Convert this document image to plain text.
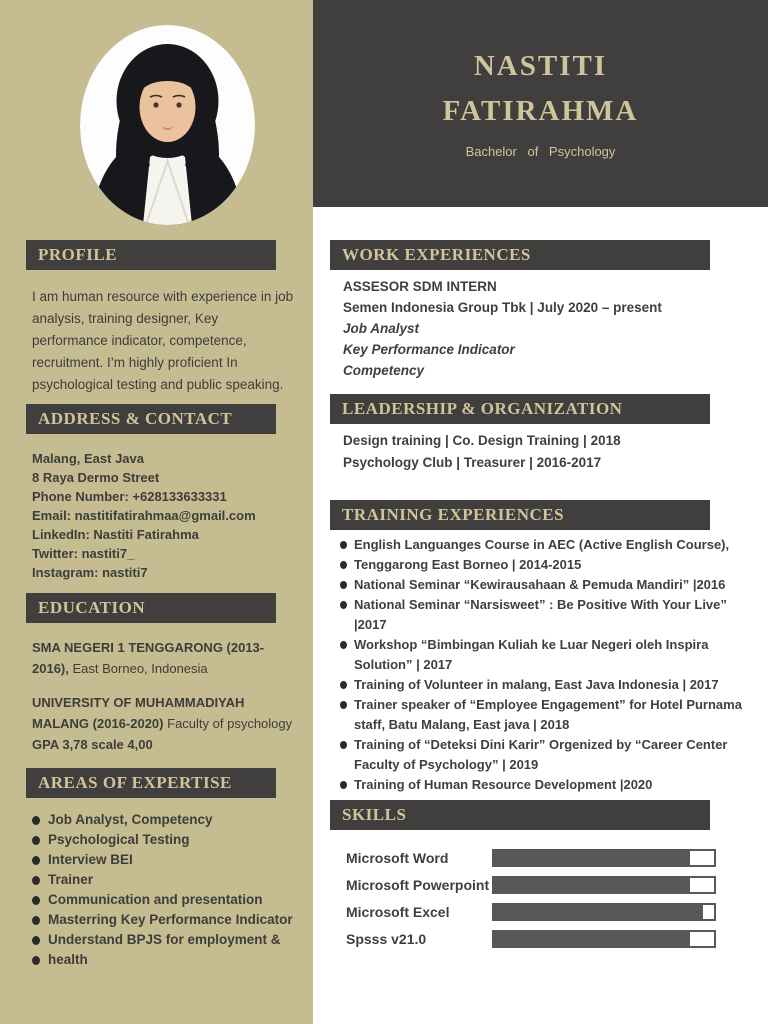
PROFILE
I am human resource with experience in job analysis, training designer, Key performance indicator, competence, recruitment. I’m highly proficient In psychological testing and public speaking.
ADDRESS & CONTACT
Malang, East Java
8 Raya Dermo Street
Phone Number: +628133633331
Email: nastitifatirahmaa@gmail.com
LinkedIn: Nastiti Fatirahma
Twitter: nastiti7_
Instagram: nastiti7
EDUCATION
SMA NEGERI 1 TENGGARONG (2013-2016), East Borneo, Indonesia
UNIVERSITY OF MUHAMMADIYAH MALANG (2016-2020) Faculty of psychology
GPA 3,78 scale 4,00
AREAS OF EXPERTISE
Job Analyst, Competency
Psychological Testing
Interview BEI
Trainer
Communication and presentation
Masterring Key Performance Indicator
Understand BPJS for employment &
health
NASTITI
FATIRAHMA
Bachelor of Psychology
WORK EXPERIENCES
ASSESOR SDM INTERN
Semen Indonesia Group Tbk | July 2020 – present
Job Analyst
Key Performance Indicator
Competency
LEADERSHIP & ORGANIZATION
Design training | Co. Design Training | 2018
Psychology Club | Treasurer | 2016-2017
TRAINING EXPERIENCES
English Languanges Course in AEC (Active English Course),
Tenggarong East Borneo | 2014-2015
National Seminar “Kewirausahaan & Pemuda Mandiri” |2016
National Seminar “Narsisweet” : Be Positive With Your Live” |2017
Workshop “Bimbingan Kuliah ke Luar Negeri oleh Inspira Solution” | 2017
Training of Volunteer in malang, East Java Indonesia | 2017
Trainer speaker of “Employee Engagement” for Hotel Purnama staff, Batu Malang, East java | 2018
Training of “Deteksi Dini Karir” Orgenized by “Career Center Faculty of Psychology” | 2019
Training of Human Resource Development |2020
SKILLS
Microsoft Word
Microsoft Powerpoint
Microsoft Excel
Spsss v21.0
